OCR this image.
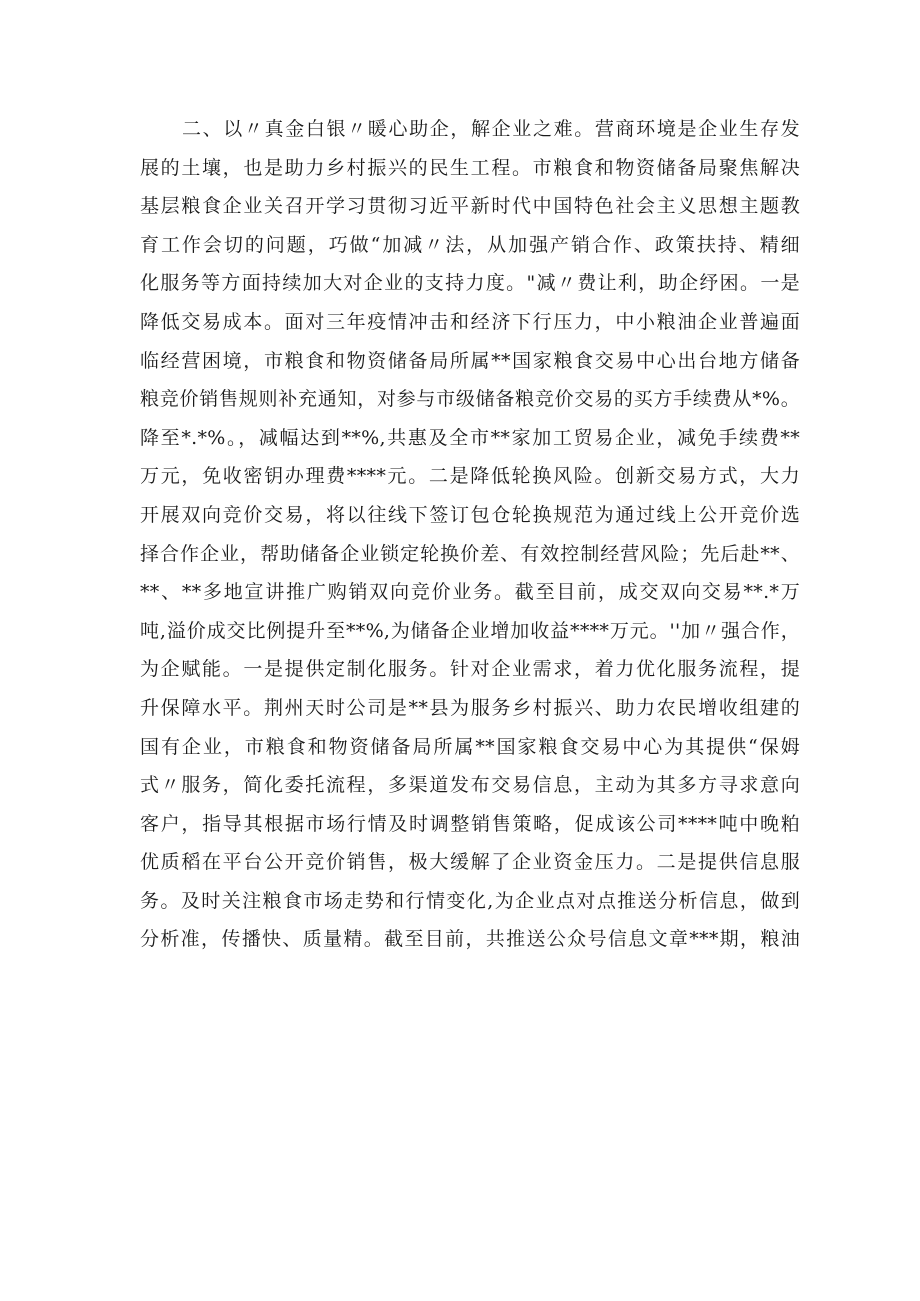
二、以〃真金白银〃暖心助企，解企业之难。营商环境是企业生存发
展的土壤，也是助力乡村振兴的民生工程。市粮食和物资储备局聚焦解决
基层粮食企业关召开学习贯彻习近平新时代中国特色社会主义思想主题教
育工作会切的问题，巧做“加减〃法，从加强产销合作、政策扶持、精细
化服务等方面持续加大对企业的支持力度。"减〃费让利，助企纾困。一是
降低交易成本。面对三年疫情冲击和经济下行压力，中小粮油企业普遍面
临经营困境，市粮食和物资储备局所属**国家粮食交易中心出台地方储备
粮竞价销售规则补充通知，对参与市级储备粮竞价交易的买方手续费从*%。
降至*.*%。，减幅达到**%,共惠及全市**家加工贸易企业，减免手续费**
万元，免收密钥办理费****元。二是降低轮换风险。创新交易方式，大力
开展双向竞价交易，将以往线下签订包仓轮换规范为通过线上公开竞价选
择合作企业，帮助储备企业锁定轮换价差、有效控制经营风险；先后赴**、
**、**多地宣讲推广购销双向竞价业务。截至目前，成交双向交易**.*万
吨,溢价成交比例提升至**%,为储备企业增加收益****万元。''加〃强合作，
为企赋能。一是提供定制化服务。针对企业需求，着力优化服务流程，提
升保障水平。荆州天时公司是**县为服务乡村振兴、助力农民增收组建的
国有企业，市粮食和物资储备局所属**国家粮食交易中心为其提供“保姆
式〃服务，简化委托流程，多渠道发布交易信息，主动为其多方寻求意向
客户，指导其根据市场行情及时调整销售策略，促成该公司****吨中晚粕
优质稻在平台公开竞价销售，极大缓解了企业资金压力。二是提供信息服
务。及时关注粮食市场走势和行情变化,为企业点对点推送分析信息，做到
分析准，传播快、质量精。截至目前，共推送公众号信息文章***期，粮油
